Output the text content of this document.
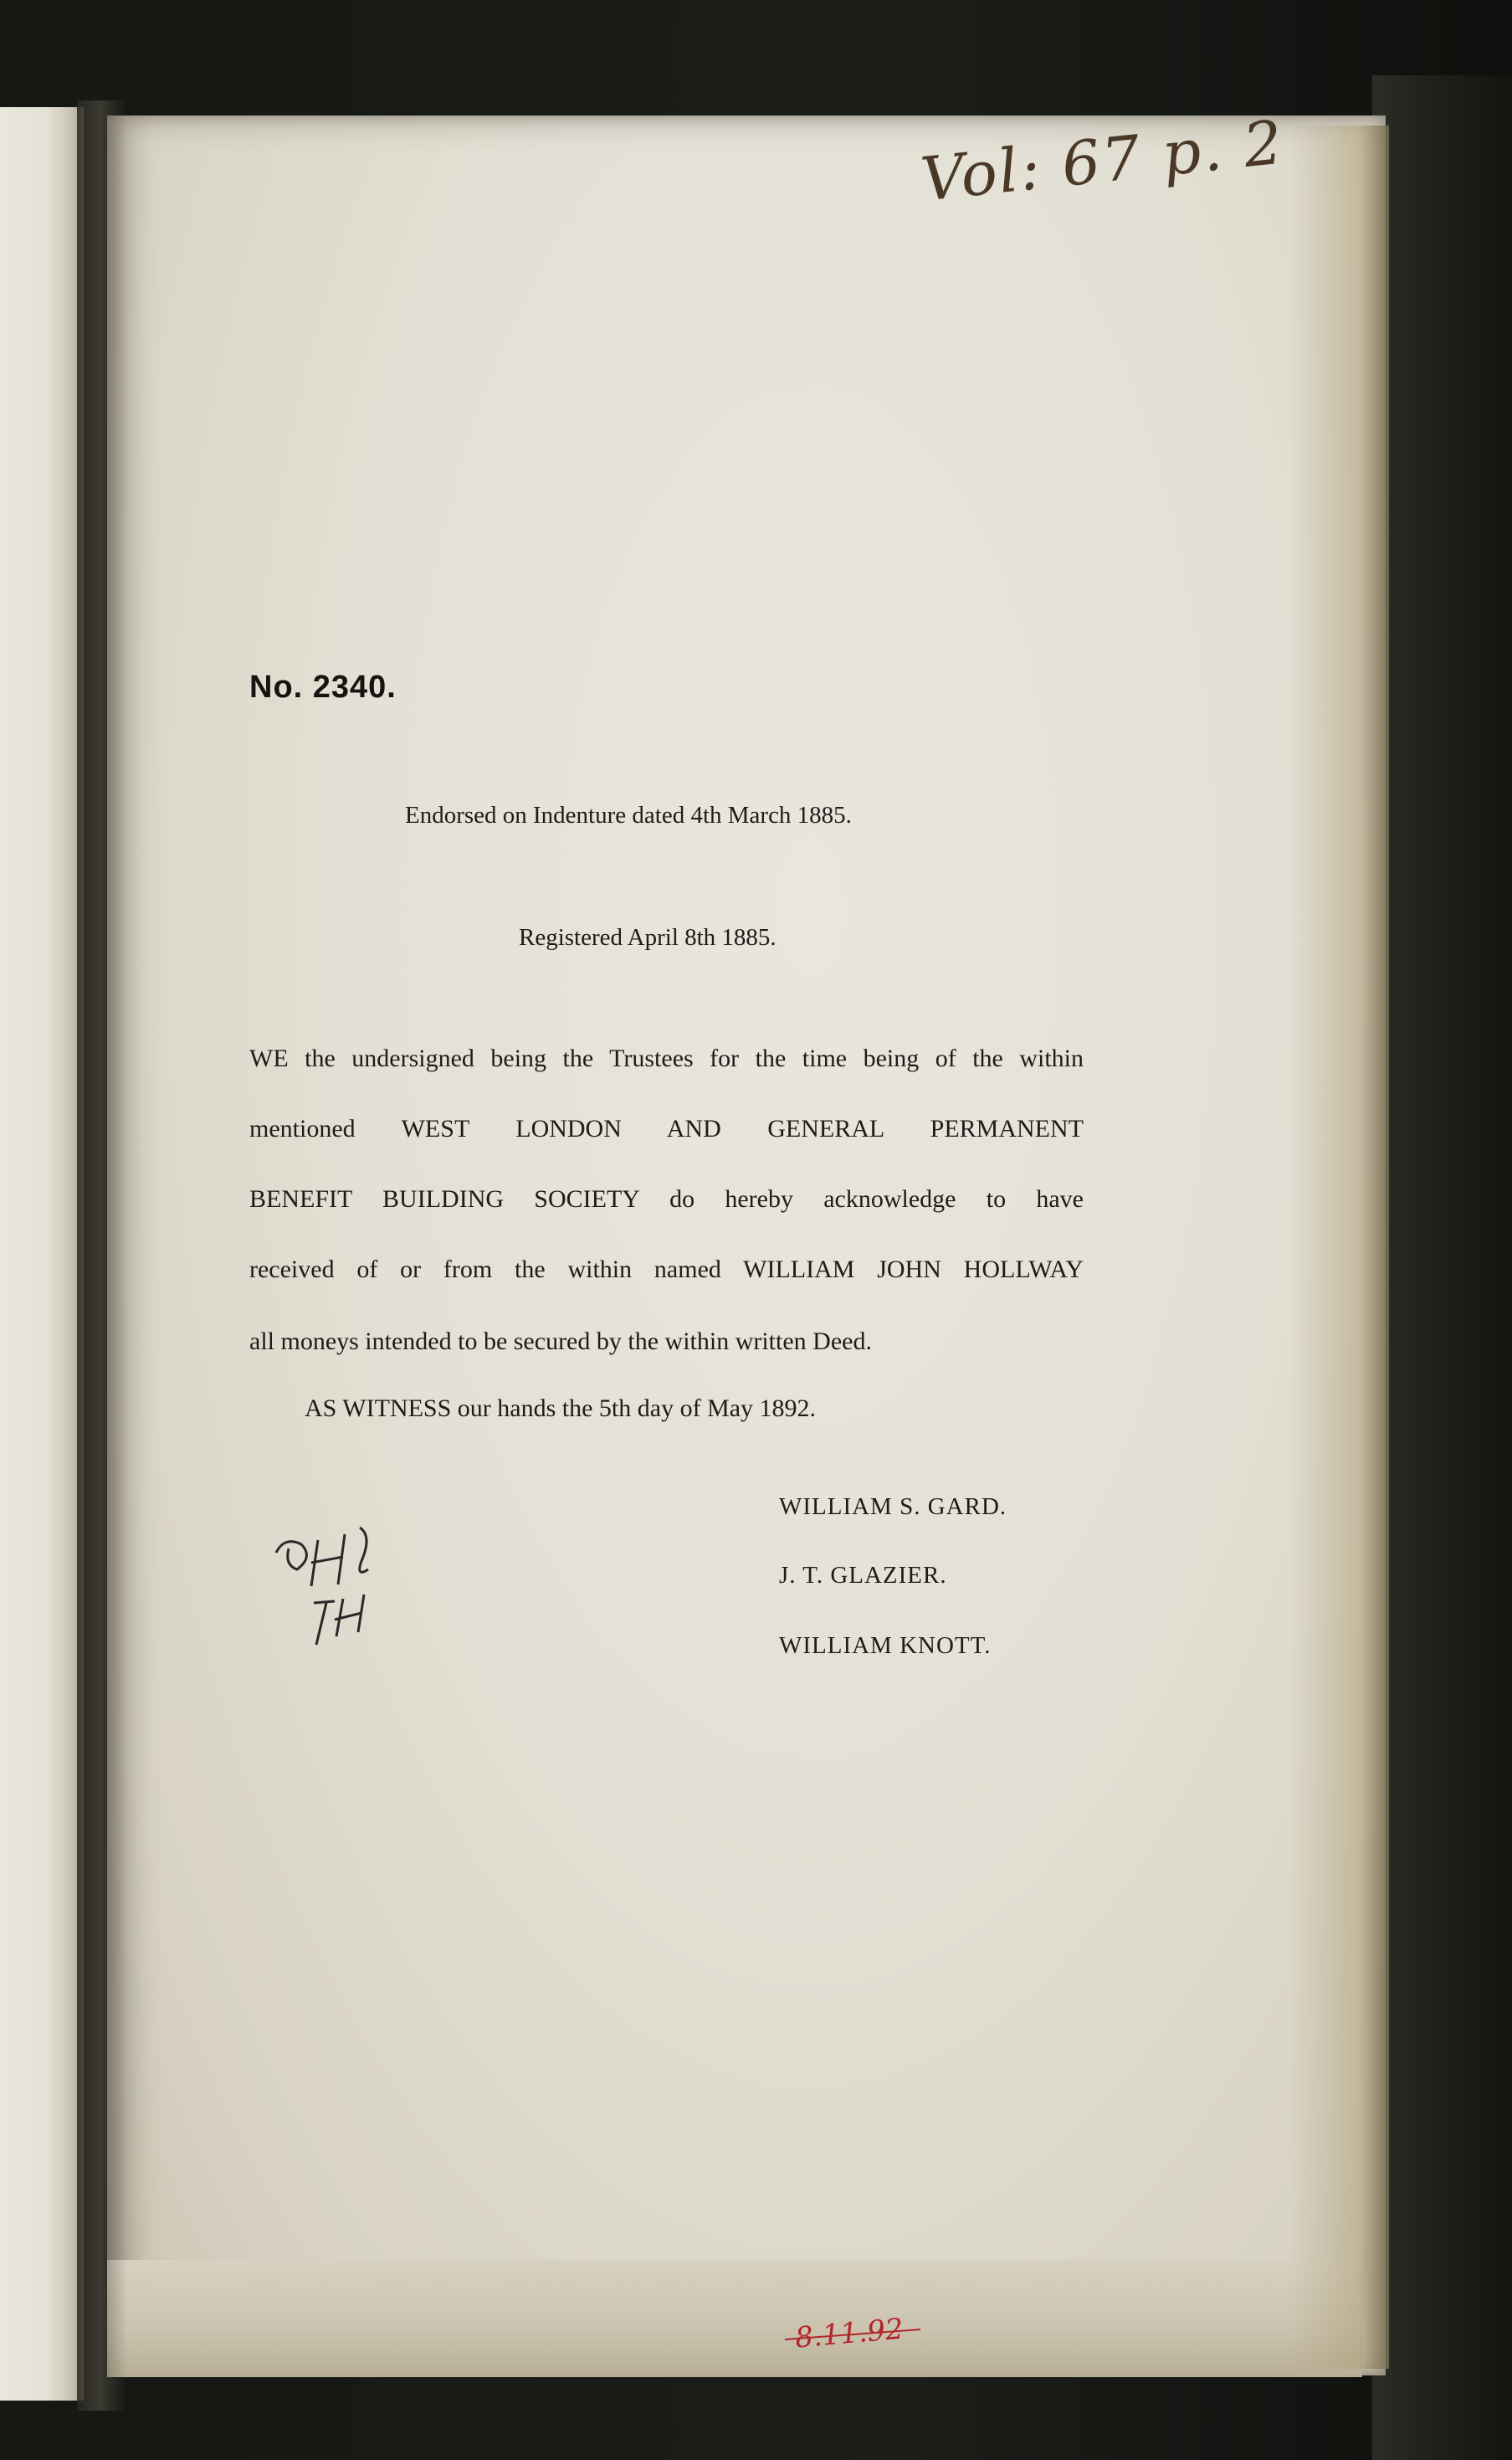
Vol: 67 p. 2
No. 2340.
Endorsed on Indenture dated 4th March 1885.
Registered April 8th 1885.
WE the undersigned being the Trustees for the time being of the within
mentioned WEST LONDON AND GENERAL PERMANENT
BENEFIT BUILDING SOCIETY do hereby acknowledge to have
received of or from the within named WILLIAM JOHN HOLLWAY
all moneys intended to be secured by the within written Deed.
AS WITNESS our hands the 5th day of May 1892.
WILLIAM S. GARD.
J. T. GLAZIER.
WILLIAM KNOTT.
8.11.92
